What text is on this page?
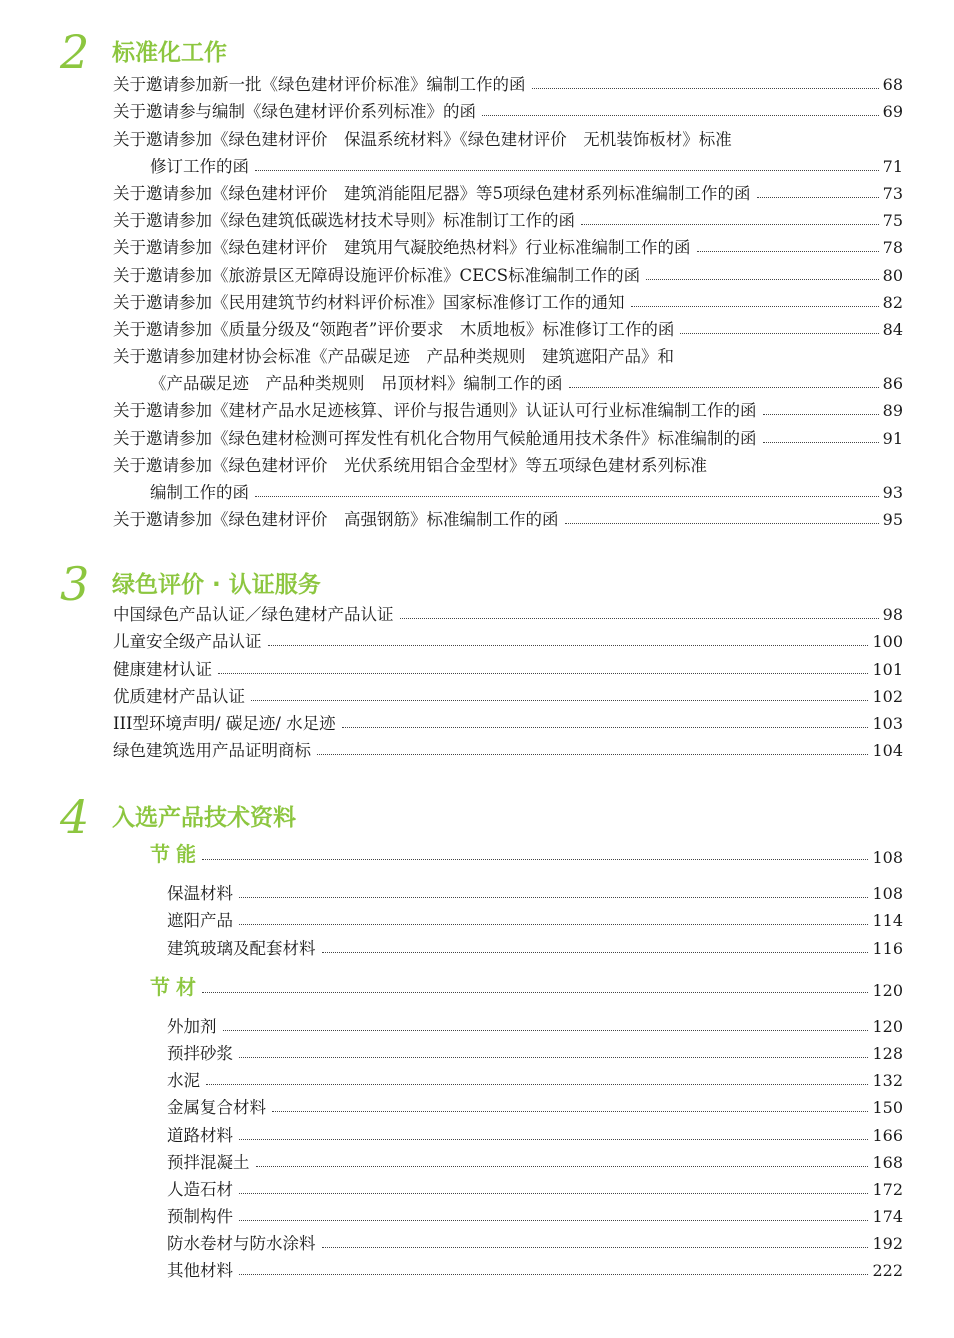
2 标准化工作
关于邀请参加新一批《绿色建材评价标准》编制工作的函	68
关于邀请参与编制《绿色建材评价系列标准》的函	69
关于邀请参加《绿色建材评价　保温系统材料》《绿色建材评价　无机装饰板材》标准
修订工作的函	71
关于邀请参加《绿色建材评价　建筑消能阻尼器》等5项绿色建材系列标准编制工作的函	73
关于邀请参加《绿色建筑低碳选材技术导则》标准制订工作的函	75
关于邀请参加《绿色建材评价　建筑用气凝胶绝热材料》行业标准编制工作的函	78
关于邀请参加《旅游景区无障碍设施评价标准》CECS标准编制工作的函	80
关于邀请参加《民用建筑节约材料评价标准》国家标准修订工作的通知	82
关于邀请参加《质量分级及“领跑者”评价要求　木质地板》标准修订工作的函	84
关于邀请参加建材协会标准《产品碳足迹　产品种类规则　建筑遮阳产品》和
《产品碳足迹　产品种类规则　吊顶材料》编制工作的函	86
关于邀请参加《建材产品水足迹核算、评价与报告通则》认证认可行业标准编制工作的函	89
关于邀请参加《绿色建材检测可挥发性有机化合物用气候舱通用技术条件》标准编制的函	91
关于邀请参加《绿色建材评价　光伏系统用铝合金型材》等五项绿色建材系列标准
编制工作的函	93
关于邀请参加《绿色建材评价　高强钢筋》标准编制工作的函	95
3 绿色评价 · 认证服务
中国绿色产品认证／绿色建材产品认证	98
儿童安全级产品认证	100
健康建材认证	101
优质建材产品认证	102
III型环境声明/ 碳足迹/ 水足迹	103
绿色建筑选用产品证明商标	104
4 入选产品技术资料
节能	108
保温材料	108
遮阳产品	114
建筑玻璃及配套材料	116
节材	120
外加剂	120
预拌砂浆	128
水泥	132
金属复合材料	150
道路材料	166
预拌混凝土	168
人造石材	172
预制构件	174
防水卷材与防水涂料	192
其他材料	222
